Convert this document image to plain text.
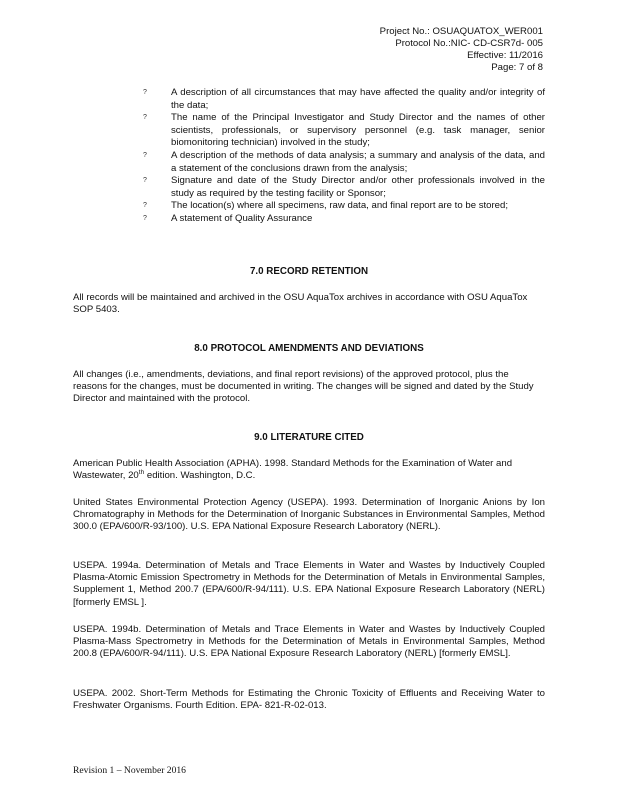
Project No.: OSUAQUATOX_WER001
Protocol No.:NIC- CD-CSR7d- 005
Effective: 11/2016
Page: 7 of 8
?	A description of all circumstances that may have affected the quality and/or integrity of the data;
?	The name of the Principal Investigator and Study Director and the names of other scientists, professionals, or supervisory personnel (e.g. task manager, senior biomonitoring technician) involved in the study;
?	A description of the methods of data analysis; a summary and analysis of the data, and a statement of the conclusions drawn from the analysis;
?	Signature and date of the Study Director and/or other professionals involved in the study as required by the testing facility or Sponsor;
?	The location(s) where all specimens, raw data, and final report are to be stored;
?	A statement of Quality Assurance
7.0 RECORD RETENTION
All records will be maintained and archived in the OSU AquaTox archives in accordance with OSU AquaTox SOP 5403.
8.0 PROTOCOL AMENDMENTS AND DEVIATIONS
All changes (i.e., amendments, deviations, and final report revisions) of the approved protocol, plus the reasons for the changes, must be documented in writing. The changes will be signed and dated by the Study Director and maintained with the protocol.
9.0 LITERATURE CITED
American Public Health Association (APHA). 1998. Standard Methods for the Examination of Water and Wastewater, 20th edition. Washington, D.C.
United States Environmental Protection Agency (USEPA). 1993. Determination of Inorganic Anions by Ion Chromatography in Methods for the Determination of Inorganic Substances in Environmental Samples, Method 300.0 (EPA/600/R-93/100). U.S. EPA National Exposure Research Laboratory (NERL).
USEPA. 1994a. Determination of Metals and Trace Elements in Water and Wastes by Inductively Coupled Plasma-Atomic Emission Spectrometry in Methods for the Determination of Metals in Environmental Samples, Supplement 1, Method 200.7 (EPA/600/R-94/111). U.S. EPA National Exposure Research Laboratory (NERL) [formerly EMSL ].
USEPA. 1994b. Determination of Metals and Trace Elements in Water and Wastes by Inductively Coupled Plasma-Mass Spectrometry in Methods for the Determination of Metals in Environmental Samples, Method 200.8 (EPA/600/R-94/111). U.S. EPA National Exposure Research Laboratory (NERL) [formerly EMSL].
USEPA. 2002. Short-Term Methods for Estimating the Chronic Toxicity of Effluents and Receiving Water to Freshwater Organisms. Fourth Edition. EPA- 821-R-02-013.
Revision 1 – November 2016
